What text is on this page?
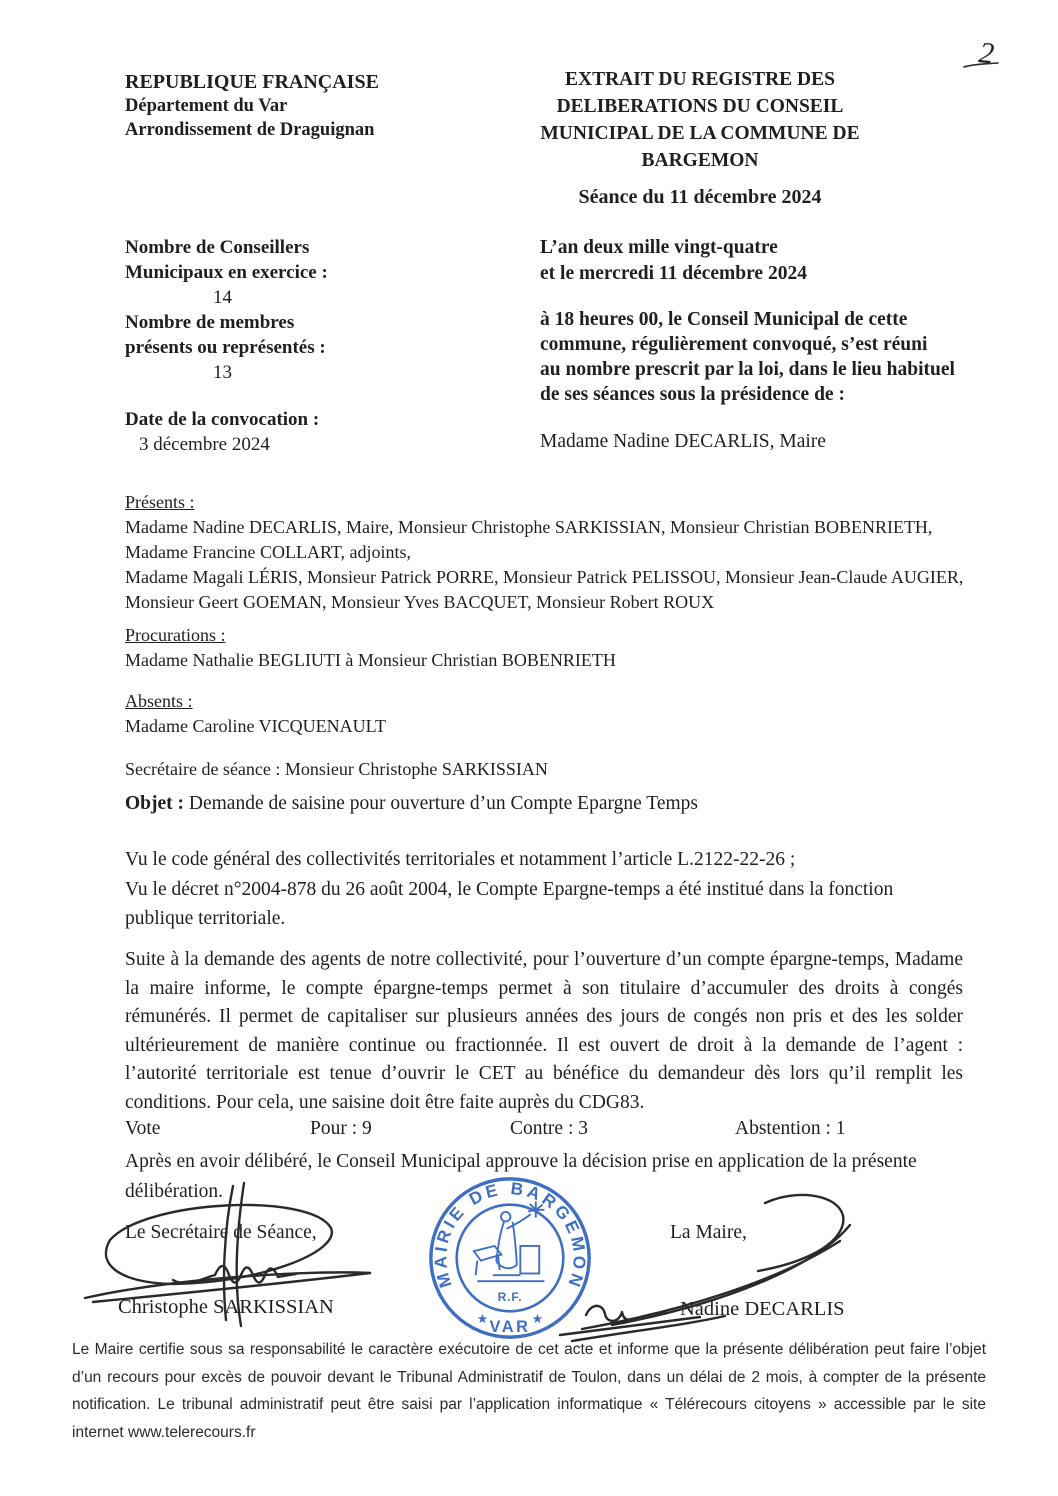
2
REPUBLIQUE FRANÇAISE
Département du Var
Arrondissement de Draguignan
EXTRAIT DU REGISTRE DES
DELIBERATIONS DU CONSEIL
MUNICIPAL DE LA COMMUNE DE
BARGEMON
Séance du 11 décembre 2024
Nombre de Conseillers
Municipaux en exercice :
14
Nombre de membres
présents ou représentés :
13
Date de la convocation :
3 décembre 2024
L’an deux mille vingt-quatre
et le mercredi 11 décembre 2024
à 18 heures 00, le Conseil Municipal de cette
commune, régulièrement convoqué, s’est réuni
au nombre prescrit par la loi, dans le lieu habituel
de ses séances sous la présidence de :
Madame Nadine DECARLIS, Maire
Présents :
Madame Nadine DECARLIS, Maire, Monsieur Christophe SARKISSIAN, Monsieur Christian BOBENRIETH,
Madame Francine COLLART, adjoints,
Madame Magali LÉRIS, Monsieur Patrick PORRE, Monsieur Patrick PELISSOU, Monsieur Jean-Claude AUGIER,
Monsieur Geert GOEMAN, Monsieur Yves BACQUET, Monsieur Robert ROUX
Procurations :
Madame Nathalie BEGLIUTI à Monsieur Christian BOBENRIETH
Absents :
Madame Caroline VICQUENAULT
Secrétaire de séance : Monsieur Christophe SARKISSIAN
Objet : Demande de saisine pour ouverture d’un Compte Epargne Temps
Vu le code général des collectivités territoriales et notamment l’article L.2122-22-26 ;
Vu le décret n°2004-878 du 26 août 2004, le Compte Epargne-temps a été institué dans la fonction
publique territoriale.
Suite à la demande des agents de notre collectivité, pour l’ouverture d’un compte épargne-temps, Madame la maire informe, le compte épargne-temps permet à son titulaire d’accumuler des droits à congés rémunérés. Il permet de capitaliser sur plusieurs années des jours de congés non pris et des les solder ultérieurement de manière continue ou fractionnée. Il est ouvert de droit à la demande de l’agent : l’autorité territoriale est tenue d’ouvrir le CET au bénéfice du demandeur dès lors qu’il remplit les conditions. Pour cela, une saisine doit être faite auprès du CDG83.
Vote	Pour : 9	Contre : 3	Abstention : 1
Après en avoir délibéré, le Conseil Municipal approuve la décision prise en application de la présente délibération.
Le Secrétaire de Séance,	La Maire,
Christophe SARKISSIAN	Nadine DECARLIS
MAIRIE DE BARGEMON
R.F.
★	★
VAR
Le Maire certifie sous sa responsabilité le caractère exécutoire de cet acte et informe que la présente délibération peut faire l’objet d’un recours pour excès de pouvoir devant le Tribunal Administratif de Toulon, dans un délai de 2 mois, à compter de la présente notification. Le tribunal administratif peut être saisi par l’application informatique « Télérecours citoyens » accessible par le site internet www.telerecours.fr
